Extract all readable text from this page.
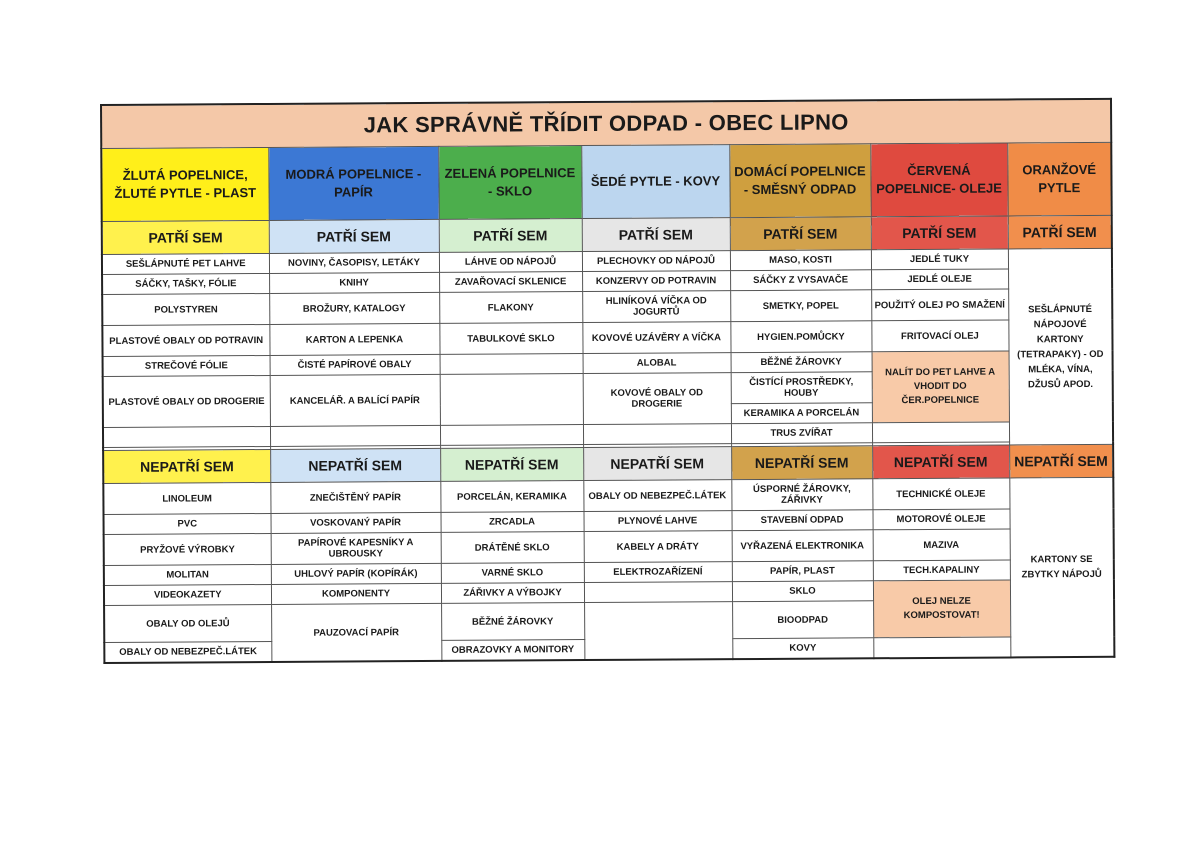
JAK SPRÁVNĚ TŘÍDIT ODPAD - OBEC LIPNO						
ŽLUTÁ POPELNICE, ŽLUTÉ PYTLE - PLAST	MODRÁ POPELNICE - PAPÍR	ZELENÁ POPELNICE - SKLO	ŠEDÉ PYTLE - KOVY	DOMÁCÍ POPELNICE - SMĚSNÝ ODPAD	ČERVENÁ POPELNICE- OLEJE	ORANŽOVÉ PYTLE
PATŘÍ SEM	PATŘÍ SEM	PATŘÍ SEM	PATŘÍ SEM	PATŘÍ SEM	PATŘÍ SEM	PATŘÍ SEM
SEŠLÁPNUTÉ PET LAHVE	NOVINY, ČASOPISY, LETÁKY	LÁHVE OD NÁPOJŮ	PLECHOVKY OD NÁPOJŮ	MASO, KOSTI	JEDLÉ TUKY	SEŠLÁPNUTÉ NÁPOJOVÉ KARTONY (TETRAPAKY) - OD MLÉKA, VÍNA, DŽUSŮ APOD.
SÁČKY, TAŠKY, FÓLIE	KNIHY	ZAVAŘOVACÍ SKLENICE	KONZERVY OD POTRAVIN	SÁČKY Z VYSAVAČE	JEDLÉ OLEJE	
POLYSTYREN	BROŽURY, KATALOGY	FLAKONY	HLINÍKOVÁ VÍČKA OD JOGURTŮ	SMETKY, POPEL	POUŽITÝ OLEJ PO SMAŽENÍ	
PLASTOVÉ OBALY OD POTRAVIN	KARTON A LEPENKA	TABULKOVÉ SKLO	KOVOVÉ UZÁVĚRY A VÍČKA	HYGIEN.POMŮCKY	FRITOVACÍ OLEJ	
STREČOVÉ FÓLIE	ČISTÉ PAPÍROVÉ OBALY		ALOBAL	BĚŽNÉ ŽÁROVKY	NALÍT DO PET LAHVE A VHODIT DO ČER.POPELNICE	
PLASTOVÉ OBALY OD DROGERIE	KANCELÁŘ. A BALÍCÍ PAPÍR		KOVOVÉ OBALY OD DROGERIE	ČISTÍCÍ PROSTŘEDKY, HOUBY		
				KERAMIKA A PORCELÁN		
				TRUS ZVÍŘAT		

NEPATŘÍ SEM	NEPATŘÍ SEM	NEPATŘÍ SEM	NEPATŘÍ SEM	NEPATŘÍ SEM	NEPATŘÍ SEM	NEPATŘÍ SEM
LINOLEUM	ZNEČIŠTĚNÝ PAPÍR	PORCELÁN, KERAMIKA	OBALY OD NEBEZPEČ.LÁTEK	ÚSPORNÉ ŽÁROVKY, ZÁŘIVKY	TECHNICKÉ OLEJE	KARTONY SE ZBYTKY NÁPOJŮ
PVC	VOSKOVANÝ PAPÍR	ZRCADLA	PLYNOVÉ LAHVE	STAVEBNÍ ODPAD	MOTOROVÉ OLEJE	
PRYŽOVÉ VÝROBKY	PAPÍROVÉ KAPESNÍKY A UBROUSKY	DRÁTĚNÉ SKLO	KABELY A DRÁTY	VYŘAZENÁ ELEKTRONIKA	MAZIVA	
MOLITAN	UHLOVÝ PAPÍR (KOPÍRÁK)	VARNÉ SKLO	ELEKTROZAŘÍZENÍ	PAPÍR, PLAST	TECH.KAPALINY	
VIDEOKAZETY	KOMPONENTY	ZÁŘIVKY A VÝBOJKY		SKLO	OLEJ NELZE KOMPOSTOVAT!	
OBALY OD OLEJŮ	PAUZOVACÍ PAPÍR	BĚŽNÉ ŽÁROVKY		BIOODPAD		
OBALY OD NEBEZPEČ.LÁTEK		OBRAZOVKY A MONITORY		KOVY		
